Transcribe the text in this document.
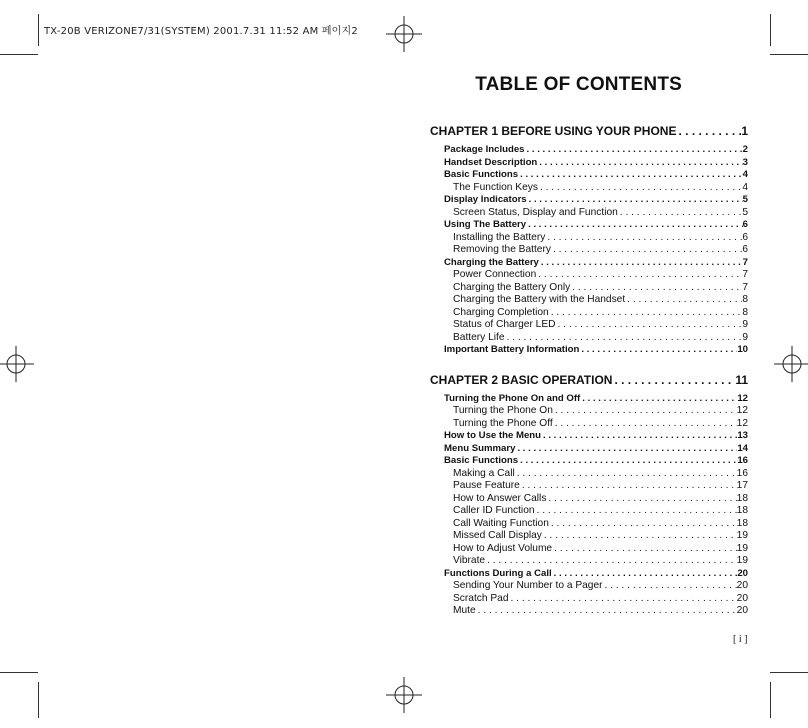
TX-20B VERIZONE7/31(SYSTEM) 2001.7.31 11:52 AM 페이지2
TABLE OF CONTENTS
CHAPTER 1 BEFORE USING YOUR PHONE . . .	1
Package Includes . . .	2
Handset Description . . .	3
Basic Functions . . .	4
The Function Keys . . .	4
Display Indicators . . .	5
Screen Status, Display and Function . . .	5
Using The Battery . . .	6
Installing the Battery . . .	6
Removing the Battery . . .	6
Charging the Battery . . .	7
Power Connection . . .	7
Charging the Battery Only . . .	7
Charging the Battery with the Handset . . .	8
Charging Completion . . .	8
Status of Charger LED . . .	9
Battery Life . . .	9
Important Battery Information . . .	10
CHAPTER 2 BASIC OPERATION . . .	11
Turning the Phone On and Off . . .	12
Turning the Phone On . . .	12
Turning the Phone Off . . .	12
How to Use the Menu . . .	13
Menu Summary . . .	14
Basic Functions . . .	16
Making a Call . . .	16
Pause Feature . . .	17
How to Answer Calls . . .	18
Caller ID Function . . .	18
Call Waiting Function . . .	18
Missed Call Display . . .	19
How to Adjust Volume . . .	19
Vibrate . . .	19
Functions During a Call . . .	20
Sending Your Number to a Pager . . .	20
Scratch Pad . . .	20
Mute . . .	20
[ i ]
